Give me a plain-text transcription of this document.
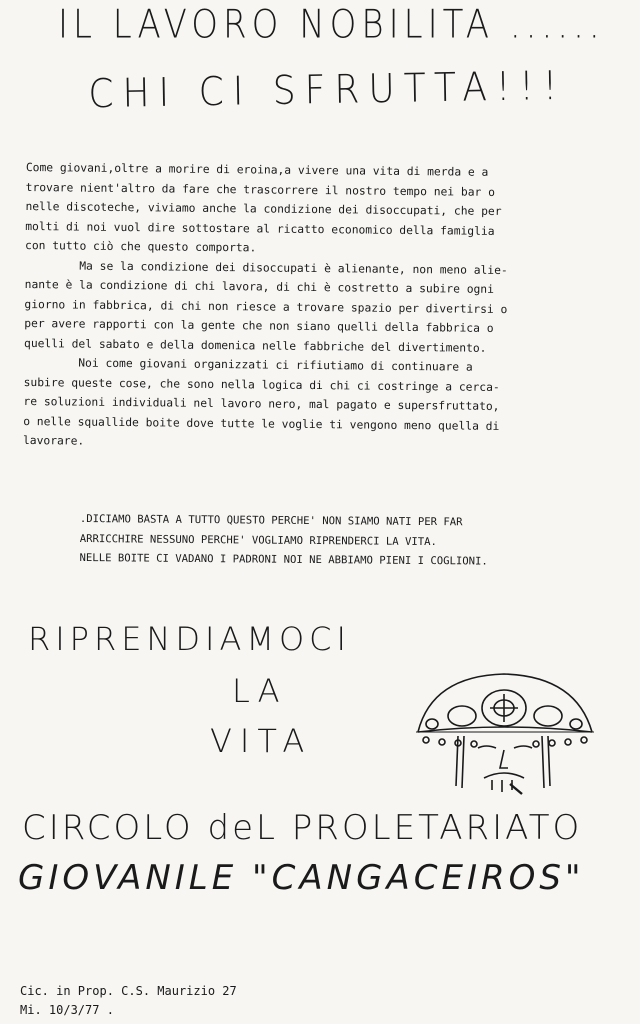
IL LAVORO NOBILITA ......
CHI CI SFRUTTA!!!

Come giovani,oltre a morire di eroina,a vivere una vita di merda e a
trovare nient'altro da fare che trascorrere il nostro tempo nei bar o
nelle discoteche, viviamo anche la condizione dei disoccupati, che per
molti di noi vuol dire sottostare al ricatto economico della famiglia
con tutto ciò che questo comporta.

Ma se la condizione dei disoccupati è alienante, non meno alie-
nante è la condizione di chi lavora, di chi è costretto a subire ogni
giorno in fabbrica, di chi non riesce a trovare spazio per divertirsi o
per avere rapporti con la gente che non siano quelli della fabbrica o
quelli del sabato e della domenica nelle fabbriche del divertimento.

Noi come giovani organizzati ci rifiutiamo di continuare a
subire queste cose, che sono nella logica di chi ci costringe a cerca-
re soluzioni individuali nel lavoro nero, mal pagato e supersfruttato,
o nelle squallide boite dove tutte le voglie ti vengono meno quella di
lavorare.

.DICIAMO BASTA A TUTTO QUESTO PERCHE' NON SIAMO NATI PER FAR
ARRICCHIRE NESSUNO PERCHE' VOGLIAMO RIPRENDERCI LA VITA.

NELLE BOITE CI VADANO I PADRONI NOI NE ABBIAMO PIENI I COGLIONI.

RIPRENDIAMOCI
LA
VITA
CIRCOLO deL PROLETARIATO
GIOVANILE "CANGACEIROS"

Cic. in Prop. C.S. Maurizio 27

Mi. 10/3/77 .
